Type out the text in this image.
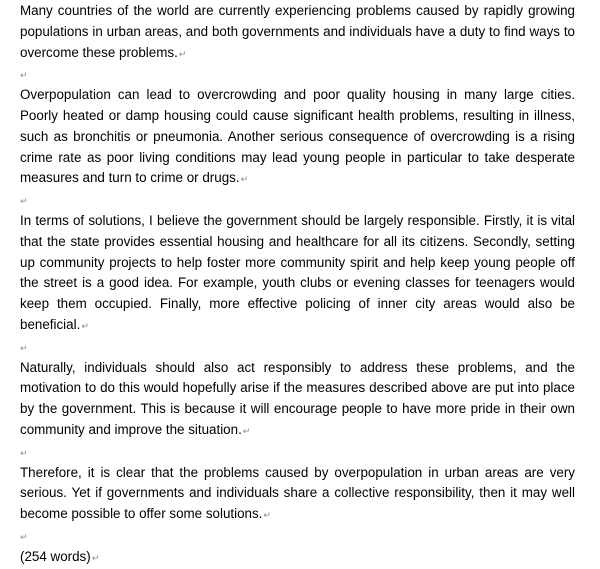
Many countries of the world are currently experiencing problems caused by rapidly growing populations in urban areas, and both governments and individuals have a duty to find ways to overcome these problems.↵

↵

Overpopulation can lead to overcrowding and poor quality housing in many large cities. Poorly heated or damp housing could cause significant health problems, resulting in illness, such as bronchitis or pneumonia. Another serious consequence of overcrowding is a rising crime rate as poor living conditions may lead young people in particular to take desperate measures and turn to crime or drugs.↵

↵

In terms of solutions, I believe the government should be largely responsible. Firstly, it is vital that the state provides essential housing and healthcare for all its citizens. Secondly, setting up community projects to help foster more community spirit and help keep young people off the street is a good idea. For example, youth clubs or evening classes for teenagers would keep them occupied. Finally, more effective policing of inner city areas would also be beneficial.↵

↵

Naturally, individuals should also act responsibly to address these problems, and the motivation to do this would hopefully arise if the measures described above are put into place by the government. This is because it will encourage people to have more pride in their own community and improve the situation.↵

↵

Therefore, it is clear that the problems caused by overpopulation in urban areas are very serious. Yet if governments and individuals share a collective responsibility, then it may well become possible to offer some solutions.↵

↵

(254 words)↵
